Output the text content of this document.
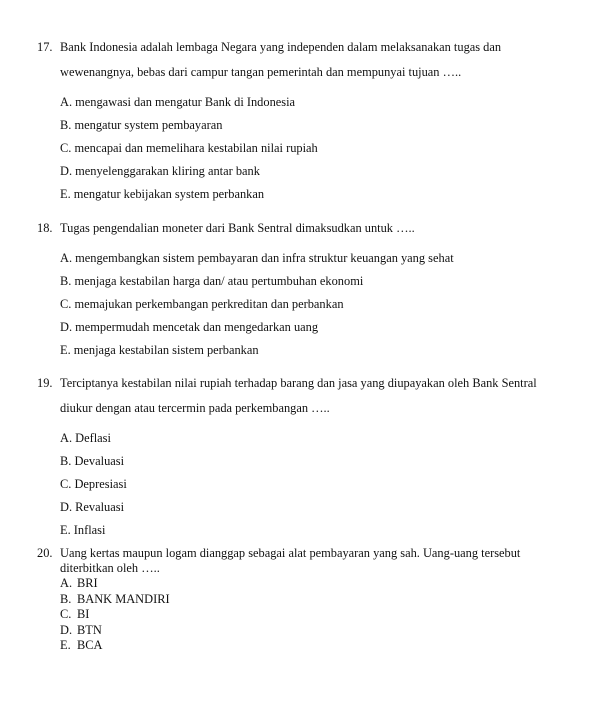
17. Bank Indonesia adalah lembaga Negara yang independen dalam melaksanakan tugas dan wewenangnya, bebas dari campur tangan pemerintah dan mempunyai tujuan …..
A. mengawasi dan mengatur Bank di Indonesia
B. mengatur system pembayaran
C. mencapai dan memelihara kestabilan nilai rupiah
D. menyelenggarakan kliring antar bank
E. mengatur kebijakan system perbankan
18. Tugas pengendalian moneter dari Bank Sentral dimaksudkan untuk …..
A. mengembangkan sistem pembayaran dan infra struktur keuangan yang sehat
B. menjaga kestabilan harga dan/ atau pertumbuhan ekonomi
C. memajukan perkembangan perkreditan dan perbankan
D. mempermudah mencetak dan mengedarkan uang
E. menjaga kestabilan sistem perbankan
19. Terciptanya kestabilan nilai rupiah terhadap barang dan jasa yang diupayakan oleh Bank Sentral diukur dengan atau tercermin pada perkembangan …..
A. Deflasi
B. Devaluasi
C. Depresiasi
D. Revaluasi
E. Inflasi
20. Uang kertas maupun logam dianggap sebagai alat pembayaran yang sah. Uang-uang tersebut diterbitkan oleh …..
A. BRI
B. BANK MANDIRI
C. BI
D. BTN
E. BCA
